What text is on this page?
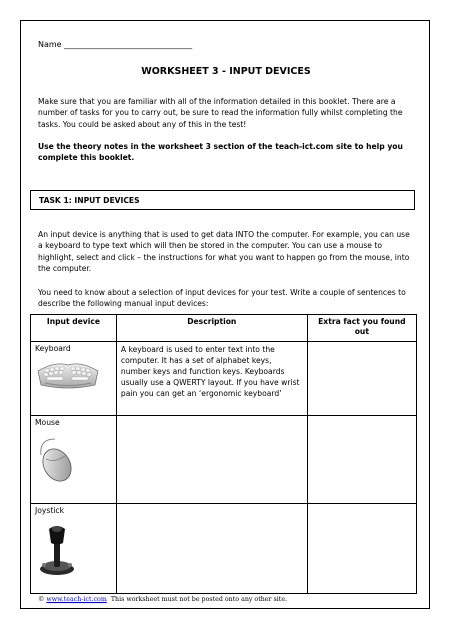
Name ________________________________
WORKSHEET 3 - INPUT DEVICES
Make sure that you are familiar with all of the information detailed in this booklet. There are a number of tasks for you to carry out, be sure to read the information fully whilst completing the tasks. You could be asked about any of this in the test!
Use the theory notes in the worksheet 3 section of the teach-ict.com site to help you complete this booklet.
TASK 1: INPUT DEVICES
An input device is anything that is used to get data INTO the computer. For example, you can use a keyboard to type text which will then be stored in the computer. You can use a mouse to highlight, select and click – the instructions for what you want to happen go from the mouse, into the computer.
You need to know about a selection of input devices for your test. Write a couple of sentences to describe the following manual input devices:
Input device	Description	Extra fact you found out

Keyboard	A keyboard is used to enter text into the computer. It has a set of alphabet keys, number keys and function keys. Keyboards usually use a QWERTY layout. If you have wrist pain you can get an ‘ergonomic keyboard’	

Mouse		

Joystick		

© www.teach-ict.com This worksheet must not be posted onto any other site.
